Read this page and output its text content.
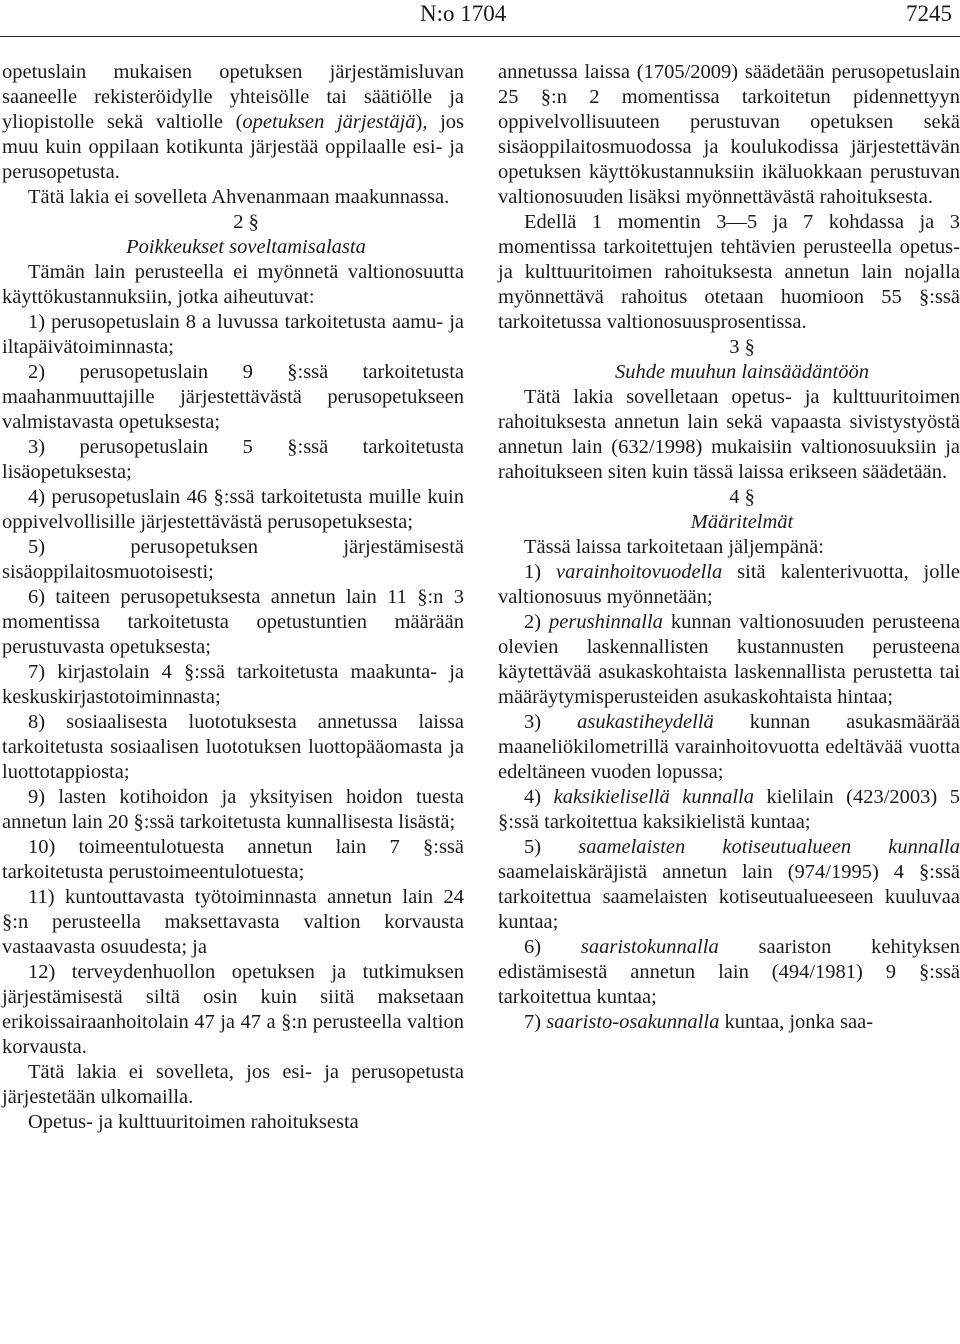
N:o 1704	7245

opetuslain mukaisen opetuksen järjestämisluvan saaneelle rekisteröidylle yhteisölle tai säätiölle ja yliopistolle sekä valtiolle (opetuksen järjestäjä), jos muu kuin oppilaan kotikunta järjestää oppilaalle esi- ja perusopetusta.

Tätä lakia ei sovelleta Ahvenanmaan maakunnassa.

2 §

Poikkeukset soveltamisalasta

Tämän lain perusteella ei myönnetä valtionosuutta käyttökustannuksiin, jotka aiheutuvat:

1) perusopetuslain 8 a luvussa tarkoitetusta aamu- ja iltapäivätoiminnasta;

2) perusopetuslain 9 §:ssä tarkoitetusta maahanmuuttajille järjestettävästä perusopetukseen valmistavasta opetuksesta;

3) perusopetuslain 5 §:ssä tarkoitetusta lisäopetuksesta;

4) perusopetuslain 46 §:ssä tarkoitetusta muille kuin oppivelvollisille järjestettävästä perusopetuksesta;

5) perusopetuksen järjestämisestä sisäoppilaitosmuotoisesti;

6) taiteen perusopetuksesta annetun lain 11 §:n 3 momentissa tarkoitetusta opetustuntien määrään perustuvasta opetuksesta;

7) kirjastolain 4 §:ssä tarkoitetusta maakunta- ja keskuskirjastotoiminnasta;

8) sosiaalisesta luototuksesta annetussa laissa tarkoitetusta sosiaalisen luototuksen luottopääomasta ja luottotappiosta;

9) lasten kotihoidon ja yksityisen hoidon tuesta annetun lain 20 §:ssä tarkoitetusta kunnallisesta lisästä;

10) toimeentulotuesta annetun lain 7 §:ssä tarkoitetusta perustoimeentulotuesta;

11) kuntouttavasta työtoiminnasta annetun lain 24 §:n perusteella maksettavasta valtion korvausta vastaavasta osuudesta; ja

12) terveydenhuollon opetuksen ja tutkimuksen järjestämisestä siltä osin kuin siitä maksetaan erikoissairaanhoitolain 47 ja 47 a §:n perusteella valtion korvausta.

Tätä lakia ei sovelleta, jos esi- ja perusopetusta järjestetään ulkomailla.

Opetus- ja kulttuuritoimen rahoituksesta

annetussa laissa (1705/2009) säädetään perusopetuslain 25 §:n 2 momentissa tarkoitetun pidennettyyn oppivelvollisuuteen perustuvan opetuksen sekä sisäoppilaitosmuodossa ja koulukodissa järjestettävän opetuksen käyttökustannuksiin ikäluokkaan perustuvan valtionosuuden lisäksi myönnettävästä rahoituksesta.

Edellä 1 momentin 3—5 ja 7 kohdassa ja 3 momentissa tarkoitettujen tehtävien perusteella opetus- ja kulttuuritoimen rahoituksesta annetun lain nojalla myönnettävä rahoitus otetaan huomioon 55 §:ssä tarkoitetussa valtionosuusprosentissa.

3 §

Suhde muuhun lainsäädäntöön

Tätä lakia sovelletaan opetus- ja kulttuuritoimen rahoituksesta annetun lain sekä vapaasta sivistystyöstä annetun lain (632/1998) mukaisiin valtionosuuksiin ja rahoitukseen siten kuin tässä laissa erikseen säädetään.

4 §

Määritelmät

Tässä laissa tarkoitetaan jäljempänä:

1) varainhoitovuodella sitä kalenterivuotta, jolle valtionosuus myönnetään;

2) perushinnalla kunnan valtionosuuden perusteena olevien laskennallisten kustannusten perusteena käytettävää asukaskohtaista laskennallista perustetta tai määräytymisperusteiden asukaskohtaista hintaa;

3) asukastiheydellä kunnan asukasmäärää maaneliökilometrillä varainhoitovuotta edeltävää vuotta edeltäneen vuoden lopussa;

4) kaksikielisellä kunnalla kielilain (423/2003) 5 §:ssä tarkoitettua kaksikielistä kuntaa;

5) saamelaisten kotiseutualueen kunnalla saamelaiskäräjistä annetun lain (974/1995) 4 §:ssä tarkoitettua saamelaisten kotiseutualueeseen kuuluvaa kuntaa;

6) saaristokunnalla saariston kehityksen edistämisestä annetun lain (494/1981) 9 §:ssä tarkoitettua kuntaa;

7) saaristo-osakunnalla kuntaa, jonka saa-
